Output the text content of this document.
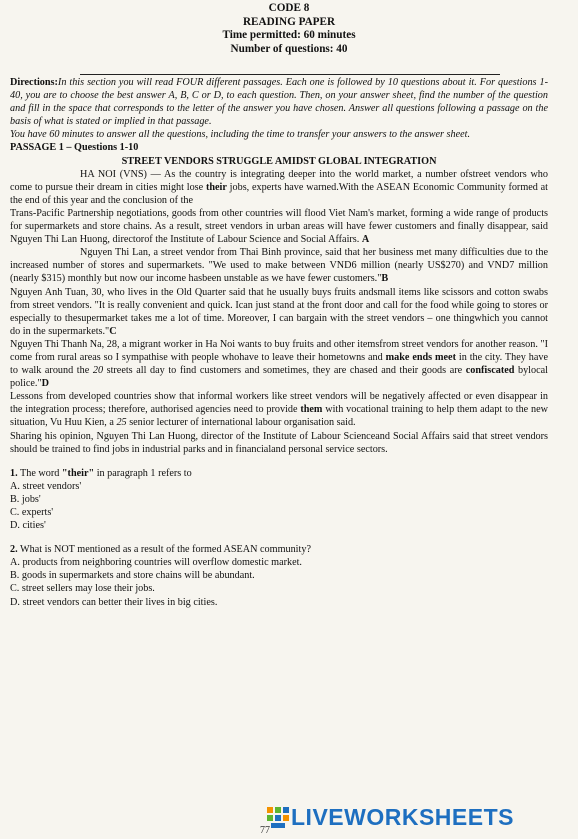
CODE 8
READING PAPER
Time permitted: 60 minutes
Number of questions: 40

Directions:In this section you will read FOUR different passages. Each one is followed by 10 questions about it. For questions 1-40, you are to choose the best answer A, B, C or D, to each question. Then, on your answer sheet, find the number of the question and fill in the space that corresponds to the letter of the answer you have chosen. Answer all questions following a passage on the basis of what is stated or implied in that passage.

You have 60 minutes to answer all the questions, including the time to transfer your answers to the answer sheet.

PASSAGE 1 – Questions 1-10

STREET VENDORS STRUGGLE AMIDST GLOBAL INTEGRATION

HA NOI (VNS) — As the country is integrating deeper into the world market, a number ofstreet vendors who come to pursue their dream in cities might lose their jobs, experts have warned.With the ASEAN Economic Community formed at the end of this year and the conclusion of the

Trans-Pacific Partnership negotiations, goods from other countries will flood Viet Nam's market, forming a wide range of products for supermarkets and store chains. As a result, street vendors in urban areas will have fewer customers and finally disappear, said Nguyen Thi Lan Huong, directorof the Institute of Labour Science and Social Affairs. A

Nguyen Thi Lan, a street vendor from Thai Binh province, said that her business met many difficulties due to the increased number of stores and supermarkets. "We used to make between VND6 million (nearly US$270) and VND7 million (nearly $315) monthly but now our income hasbeen unstable as we have fewer customers."B

Nguyen Anh Tuan, 30, who lives in the Old Quarter said that he usually buys fruits andsmall items like scissors and cotton swabs from street vendors. "It is really convenient and quick. Ican just stand at the front door and call for the food while going to stores or especially to thesupermarket takes me a lot of time. Moreover, I can bargain with the street vendors – one thingwhich you cannot do in the supermarkets."C

Nguyen Thi Thanh Na, 28, a migrant worker in Ha Noi wants to buy fruits and other itemsfrom street vendors for another reason. "I come from rural areas so I sympathise with people whohave to leave their hometowns and make ends meet in the city. They have to walk around the 20 streets all day to find customers and sometimes, they are chased and their goods are confiscated bylocal police."D

Lessons from developed countries show that informal workers like street vendors will be negatively affected or even disappear in the integration process; therefore, authorised agencies need to provide them with vocational training to help them adapt to the new situation, Vu Huu Kien, a 25 senior lecturer of international labour organisation said.

Sharing his opinion, Nguyen Thi Lan Huong, director of the Institute of Labour Scienceand Social Affairs said that street vendors should be trained to find jobs in industrial parks and in financialand personal service sectors.

1. The word "their" in paragraph 1 refers to

A. street vendors'

B. jobs'

C. experts'

D. cities'

2. What is NOT mentioned as a result of the formed ASEAN community?

A. products from neighboring countries will overflow domestic market.

B. goods in supermarkets and store chains will be abundant.

C. street sellers may lose their jobs.

D. street vendors can better their lives in big cities.

LIVEWORKSHEETS
77
